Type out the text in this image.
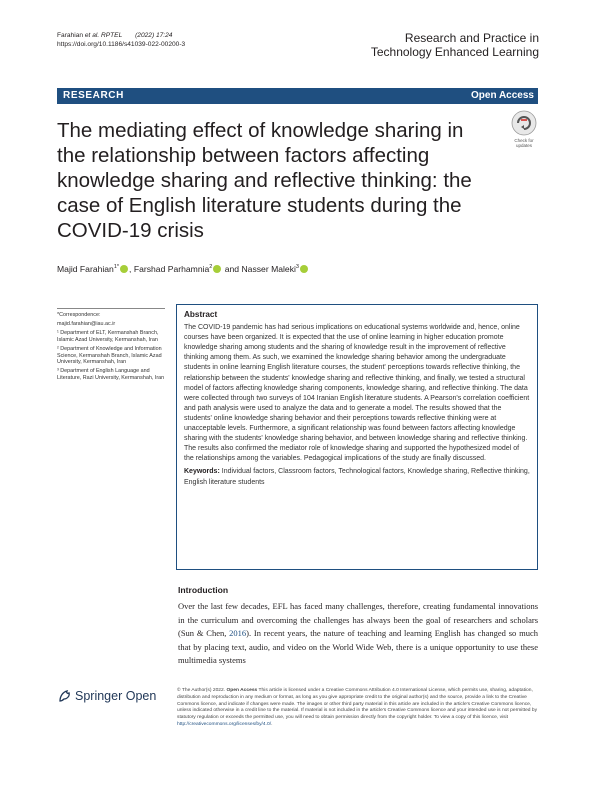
Farahian et al. RPTEL (2022) 17:24
https://doi.org/10.1186/s41039-022-00200-3	Research and Practice in
Technology Enhanced Learning
RESEARCH	Open Access
Check for updates
The mediating effect of knowledge sharing in the relationship between factors affecting knowledge sharing and reflective thinking: the case of English literature students during the COVID-19 crisis
Majid Farahian$^{1*}$ , Farshad Parhamnia$^2$ and Nasser Maleki$^3$

*Correspondence:

majid.farahian@iau.ac.ir

¹ Department of ELT, Kermanshah Branch, Islamic Azad University, Kermanshah, Iran

² Department of Knowledge and Information Science, Kermanshah Branch, Islamic Azad University, Kermanshah, Iran

³ Department of English Language and Literature, Razi University, Kermanshah, Iran

Abstract
The COVID-19 pandemic has had serious implications on educational systems worldwide and, hence, online courses have been organized. It is expected that the use of online learning in higher education promote knowledge sharing among students and the sharing of knowledge result in the improvement of reflective thinking among them. As such, we examined the knowledge sharing behavior among the undergraduate students in online learning English literature courses, the student' perceptions towards reflective thinking, the relationship between the students' knowledge sharing and reflective thinking, and finally, we tested a structural model of factors affecting knowledge sharing components, knowledge sharing, and reflective thinking. The data were collected through two surveys of 104 Iranian English literature students. A Pearson's correlation coefficient and path analysis were used to analyze the data and to generate a model. The results showed that the students' online knowledge sharing behavior and their perceptions towards reflective thinking were at unacceptable levels. Furthermore, a significant relationship was found between factors affecting knowledge sharing with the students' knowledge sharing behavior, and between knowledge sharing and reflective thinking. The results also confirmed the mediator role of knowledge sharing and supported the hypothesized model of the relationships among the variables. Pedagogical implications of the study are finally discussed.
Keywords: Individual factors, Classroom factors, Technological factors, Knowledge sharing, Reflective thinking, English literature students
Introduction
Over the last few decades, EFL has faced many challenges, therefore, creating fundamental innovations in the curriculum and overcoming the challenges has always been the goal of researchers and scholars (Sun & Chen, 2016). In recent years, the nature of teaching and learning English has changed so much that by placing text, audio, and video on the World Wide Web, there is a unique opportunity to use these multimedia systems
Springer Open	© The Author(s) 2022. Open Access This article is licensed under a Creative Commons Attribution 4.0 International License, which permits use, sharing, adaptation, distribution and reproduction in any medium or format, as long as you give appropriate credit to the original author(s) and the source, provide a link to the Creative Commons licence, and indicate if changes were made. The images or other third party material in this article are included in the article's Creative Commons licence, unless indicated otherwise in a credit line to the material. If material is not included in the article's Creative Commons licence and your intended use is not permitted by statutory regulation or exceeds the permitted use, you will need to obtain permission directly from the copyright holder. To view a copy of this licence, visit http://creativecommons.org/licenses/by/4.0/.
